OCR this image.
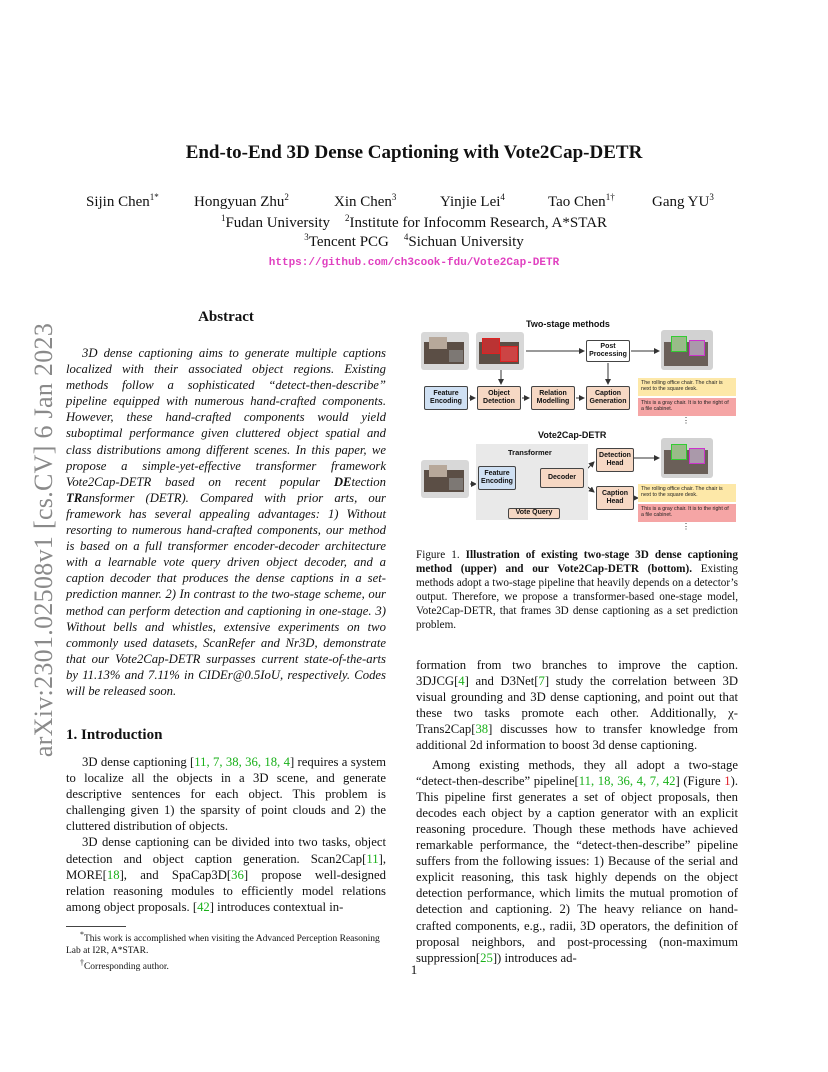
arXiv:2301.02508v1 [cs.CV] 6 Jan 2023
End-to-End 3D Dense Captioning with Vote2Cap-DETR
Sijin Chen$^{1*}$ Hongyuan Zhu$^2$	Xin Chen$^3$	Yinjie Lei$^4$	Tao Chen$^{1\dagger}$ Gang $YU^3$
$^1$Fudan University $^2$Institute for Infocomm Research, A*STAR
$^3$Tencent PCG $^4$Sichuan University
https://github.com/ch3cook-fdu/Vote2Cap-DETR
Abstract

3D dense captioning aims to generate multiple captions localized with their associated object regions. Existing methods follow a sophisticated “detect-then-describe” pipeline equipped with numerous hand-crafted components. However, these hand-crafted components would yield suboptimal performance given cluttered object spatial and class distributions among different scenes. In this paper, we propose a simple-yet-effective transformer framework Vote2Cap-DETR based on recent popular DEtection TRansformer (DETR). Compared with prior arts, our framework has several appealing advantages: 1) Without resorting to numerous hand-crafted components, our method is based on a full transformer encoder-decoder architecture with a learnable vote query driven object decoder, and a caption decoder that produces the dense captions in a set-prediction manner. 2) In contrast to the two-stage scheme, our method can perform detection and captioning in one-stage. 3) Without bells and whistles, extensive experiments on two commonly used datasets, ScanRefer and Nr3D, demonstrate that our Vote2Cap-DETR surpasses current state-of-the-arts by 11.13% and 7.11% in CIDEr@0.5IoU, respectively. Codes will be released soon.

1. Introduction

3D dense captioning [11, 7, 38, 36, 18, 4] requires a system to localize all the objects in a 3D scene, and generate descriptive sentences for each object. This problem is challenging given 1) the sparsity of point clouds and 2) the cluttered distribution of objects.

3D dense captioning can be divided into two tasks, object detection and object caption generation. Scan2Cap[11], MORE[18], and SpaCap3D[36] propose well-designed relation reasoning modules to efficiently model relations among object proposals. [42] introduces contextual in-

*This work is accomplished when visiting the Advanced Perception Reasoning Lab at I2R, A*STAR.
†Corresponding author.
Two-stage methods
Post Processing
Feature Encoding
Object Detection
Relation Modelling
Caption Generation
The rolling office chair. The chair is next to the square desk.
This is a gray chair. It is to the right of a file cabinet.
⋮
Vote2Cap-DETR
Transformer
Feature Encoding
Decoder
Vote Query
Detection Head
Caption Head
The rolling office chair. The chair is next to the square desk.
This is a gray chair. It is to the right of a file cabinet.
⋮

Figure 1. Illustration of existing two-stage 3D dense captioning method (upper) and our Vote2Cap-DETR (bottom). Existing methods adopt a two-stage pipeline that heavily depends on a detector’s output. Therefore, we propose a transformer-based one-stage model, Vote2Cap-DETR, that frames 3D dense captioning as a set prediction problem.

formation from two branches to improve the caption. 3DJCG[4] and D3Net[7] study the correlation between 3D visual grounding and 3D dense captioning, and point out that these two tasks promote each other. Additionally, χ-Trans2Cap[38] discusses how to transfer knowledge from additional 2d information to boost 3d dense captioning.

Among existing methods, they all adopt a two-stage “detect-then-describe” pipeline[11, 18, 36, 4, 7, 42] (Figure 1). This pipeline first generates a set of object proposals, then decodes each object by a caption generator with an explicit reasoning procedure. Though these methods have achieved remarkable performance, the “detect-then-describe” pipeline suffers from the following issues: 1) Because of the serial and explicit reasoning, this task highly depends on the object detection performance, which limits the mutual promotion of detection and captioning. 2) The heavy reliance on hand-crafted components, e.g., radii, 3D operators, the definition of proposal neighbors, and post-processing (non-maximum suppression[25]) introduces ad-

1
